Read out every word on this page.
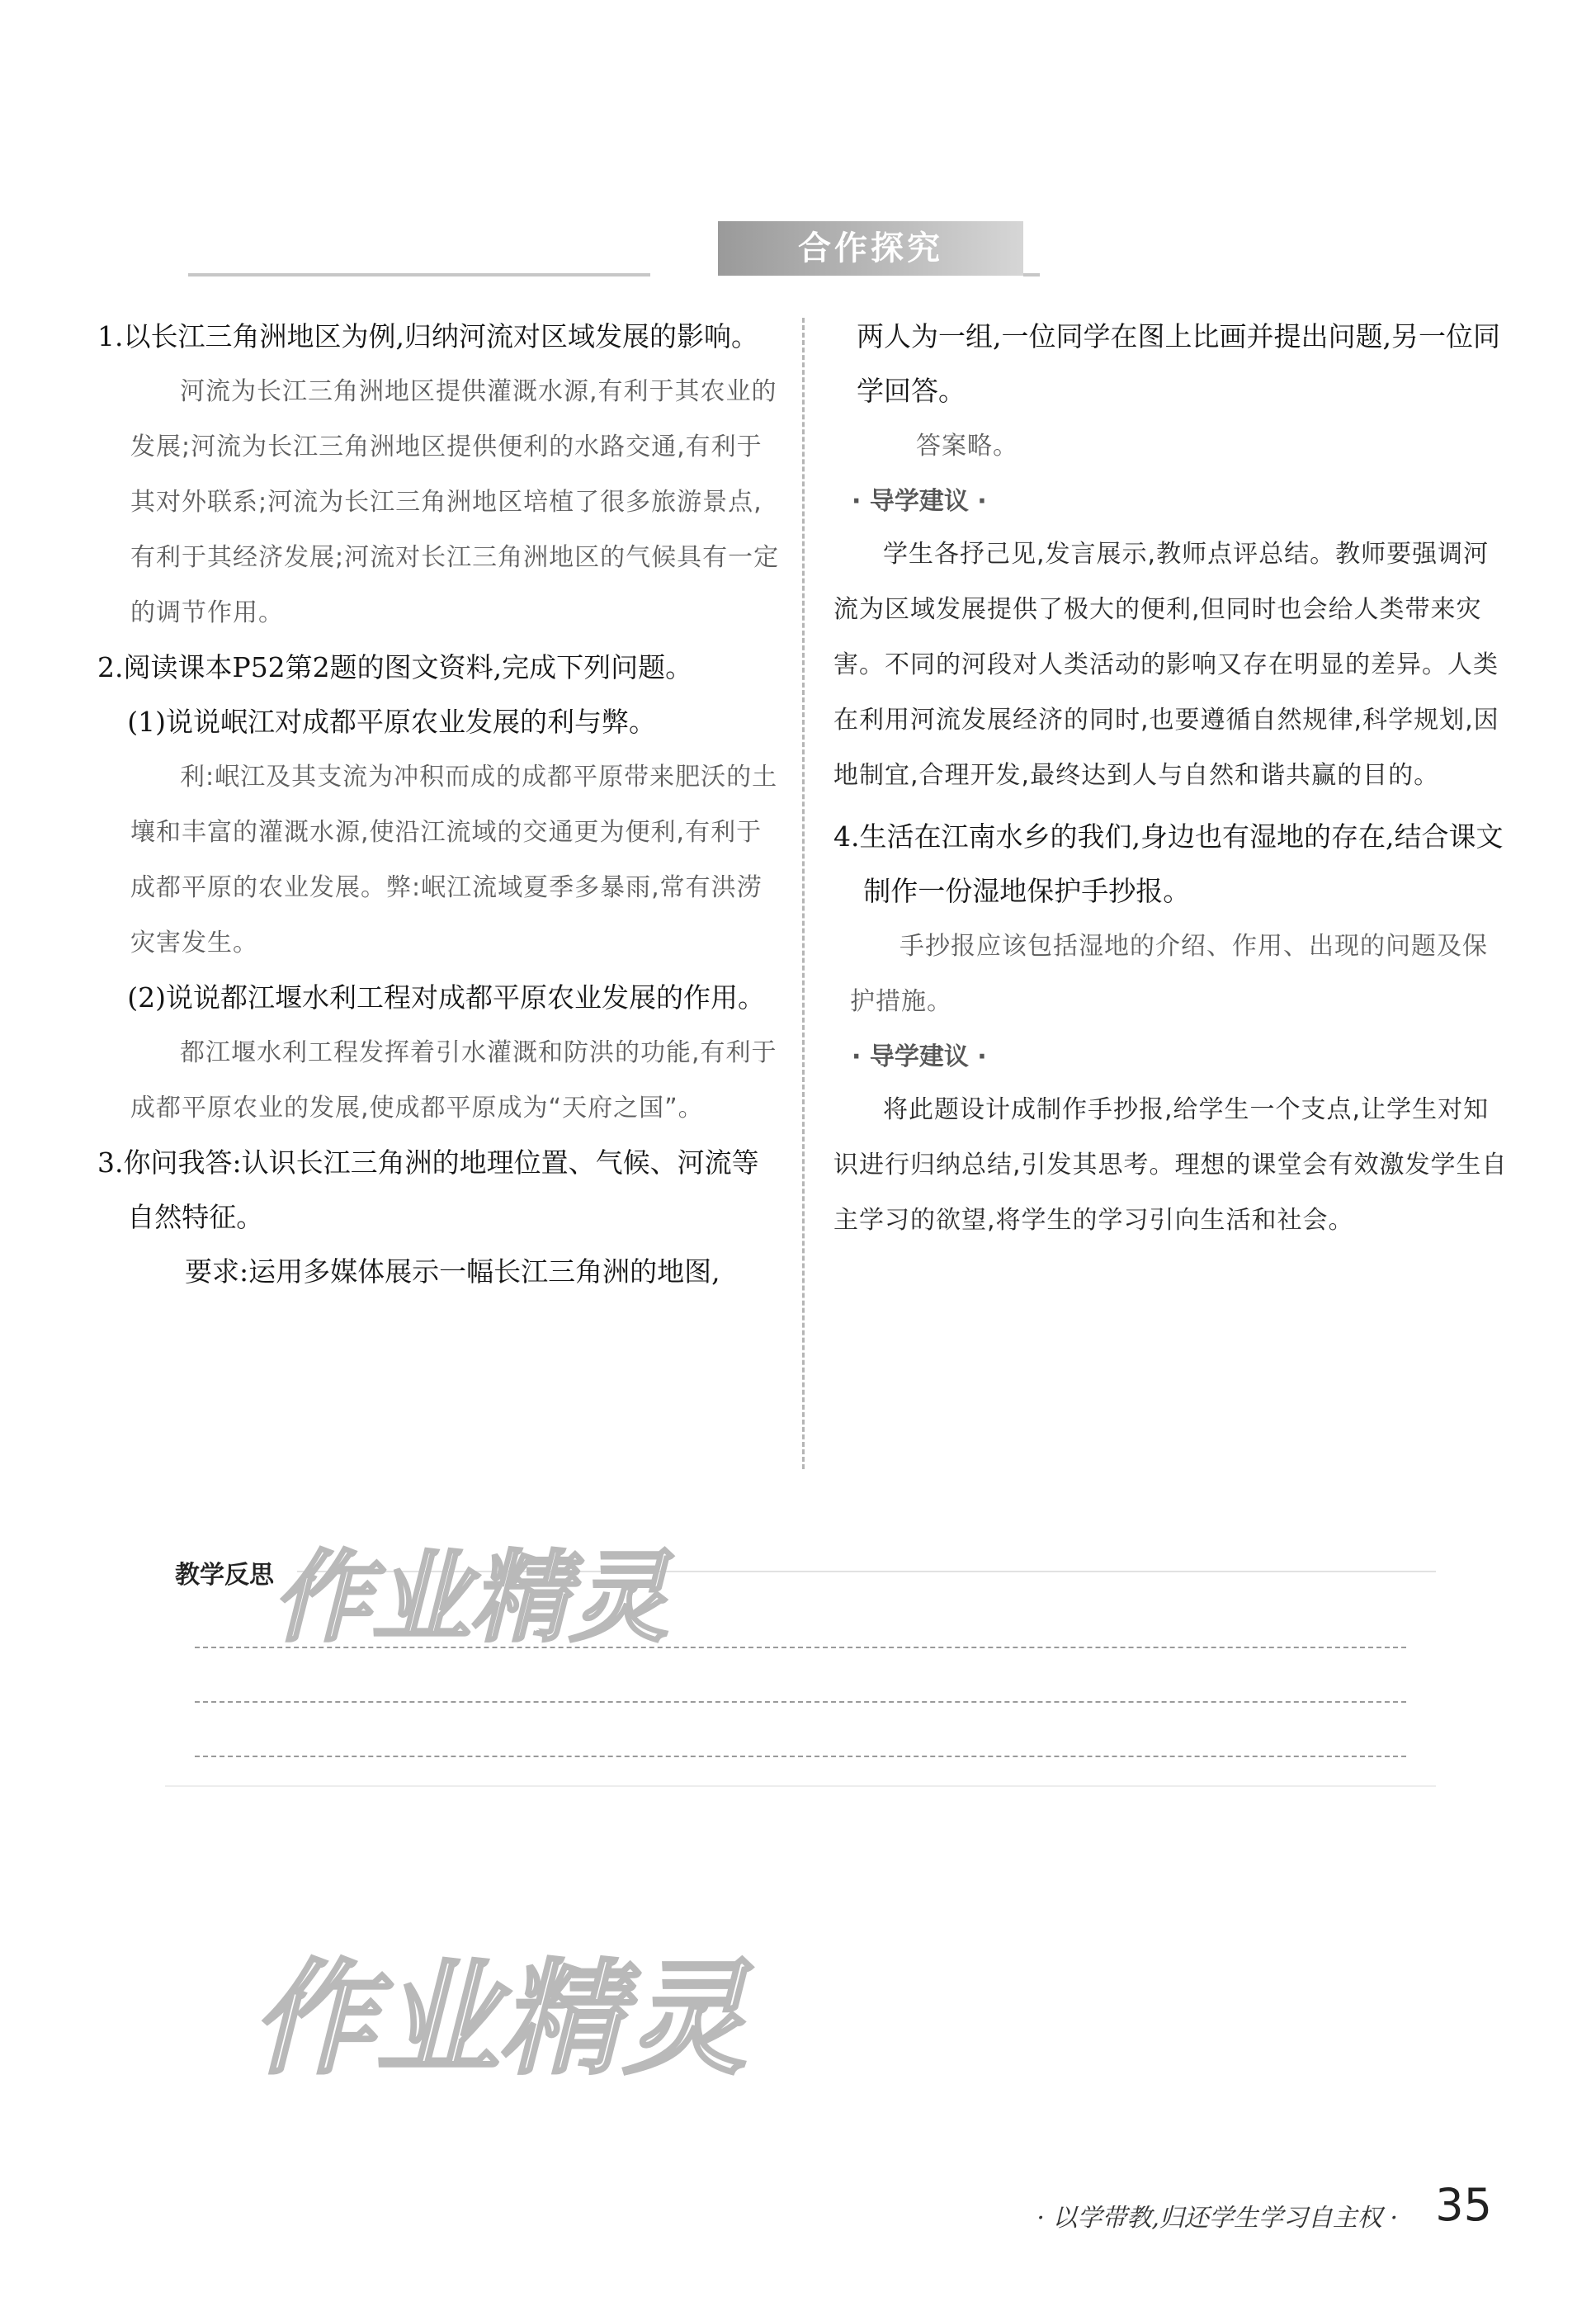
合作探究
1.以长江三角洲地区为例,归纳河流对区域发展的影响。
河流为长江三角洲地区提供灌溉水源,有利于其农业的发展;河流为长江三角洲地区提供便利的水路交通,有利于其对外联系;河流为长江三角洲地区培植了很多旅游景点,有利于其经济发展;河流对长江三角洲地区的气候具有一定的调节作用。
2.阅读课本P52第2题的图文资料,完成下列问题。
(1)说说岷江对成都平原农业发展的利与弊。
利:岷江及其支流为冲积而成的成都平原带来肥沃的土壤和丰富的灌溉水源,使沿江流域的交通更为便利,有利于成都平原的农业发展。弊:岷江流域夏季多暴雨,常有洪涝灾害发生。
(2)说说都江堰水利工程对成都平原农业发展的作用。
都江堰水利工程发挥着引水灌溉和防洪的功能,有利于成都平原农业的发展,使成都平原成为“天府之国”。
3.你问我答:认识长江三角洲的地理位置、气候、河流等自然特征。
要求:运用多媒体展示一幅长江三角洲的地图,
两人为一组,一位同学在图上比画并提出问题,另一位同学回答。
答案略。
· 导学建议 ·
学生各抒己见,发言展示,教师点评总结。教师要强调河流为区域发展提供了极大的便利,但同时也会给人类带来灾害。不同的河段对人类活动的影响又存在明显的差异。人类在利用河流发展经济的同时,也要遵循自然规律,科学规划,因地制宜,合理开发,最终达到人与自然和谐共赢的目的。
4.生活在江南水乡的我们,身边也有湿地的存在,结合课文制作一份湿地保护手抄报。
手抄报应该包括湿地的介绍、作用、出现的问题及保护措施。
· 导学建议 ·
将此题设计成制作手抄报,给学生一个支点,让学生对知识进行归纳总结,引发其思考。理想的课堂会有效激发学生自主学习的欲望,将学生的学习引向生活和社会。
教学反思
作业精灵
作业精灵
· 以学带教,归还学生学习自主权 · 35
